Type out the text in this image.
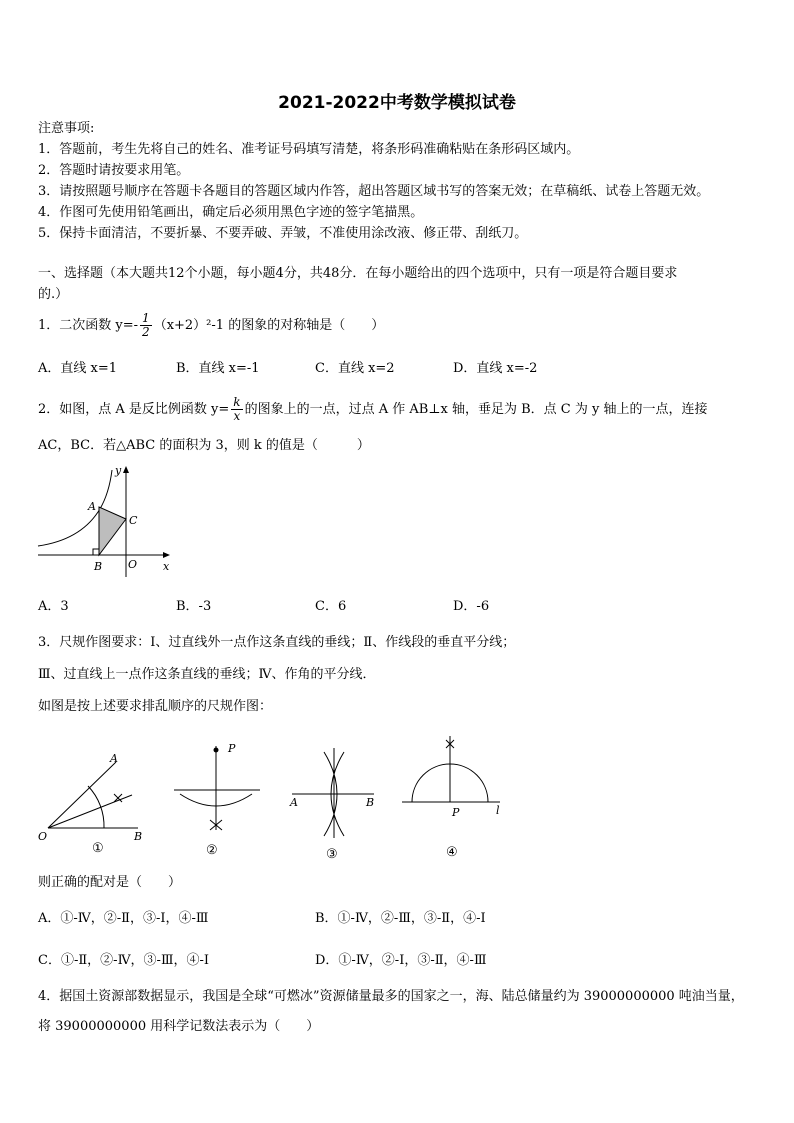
2021-2022中考数学模拟试卷
注意事项:
1．答题前，考生先将自己的姓名、准考证号码填写清楚，将条形码准确粘贴在条形码区域内。
2．答题时请按要求用笔。
3．请按照题号顺序在答题卡各题目的答题区域内作答，超出答题区域书写的答案无效；在草稿纸、试卷上答题无效。
4．作图可先使用铅笔画出，确定后必须用黑色字迹的签字笔描黑。
5．保持卡面清洁，不要折暴、不要弄破、弄皱，不准使用涂改液、修正带、刮纸刀。
一、选择题（本大题共12个小题，每小题4分，共48分．在每小题给出的四个选项中，只有一项是符合题目要求
的.）
1．二次函数 $y=- \frac{1}{2} (x+2)^2-1$ 的图象的对称轴是（　　）
A．直线 x=1	B．直线 x=-1	C．直线 x=2	D．直线 x=-2
2．如图，点 A 是反比例函数 $y= \frac{k}{x}$ 的图象上的一点，过点 A 作 AB⊥x 轴，垂足为 B．点 C 为 y 轴上的一点，连接
AC，BC．若△ABC 的面积为 3，则 k 的值是（　　　）
A
C
B O x
y
A．3	B．-3	C．6	D．-6
3．尺规作图要求：Ⅰ、过直线外一点作这条直线的垂线；Ⅱ、作线段的垂直平分线；
Ⅲ、过直线上一点作这条直线的垂线；Ⅳ、作角的平分线．
如图是按上述要求排乱顺序的尺规作图：
A
O	B
①
P
②
A	B
③
P	l
④
则正确的配对是（　　）
A．①-Ⅳ，②-Ⅱ，③-Ⅰ，④-Ⅲ	B．①-Ⅳ，②-Ⅲ，③-Ⅱ，④-Ⅰ
C．①-Ⅱ，②-Ⅳ，③-Ⅲ，④-Ⅰ	D．①-Ⅳ，②-Ⅰ，③-Ⅱ，④-Ⅲ
4．据国土资源部数据显示，我国是全球“可燃冰”资源储量最多的国家之一，海、陆总储量约为 39000000000 吨油当量，
将 39000000000 用科学记数法表示为（　　）
